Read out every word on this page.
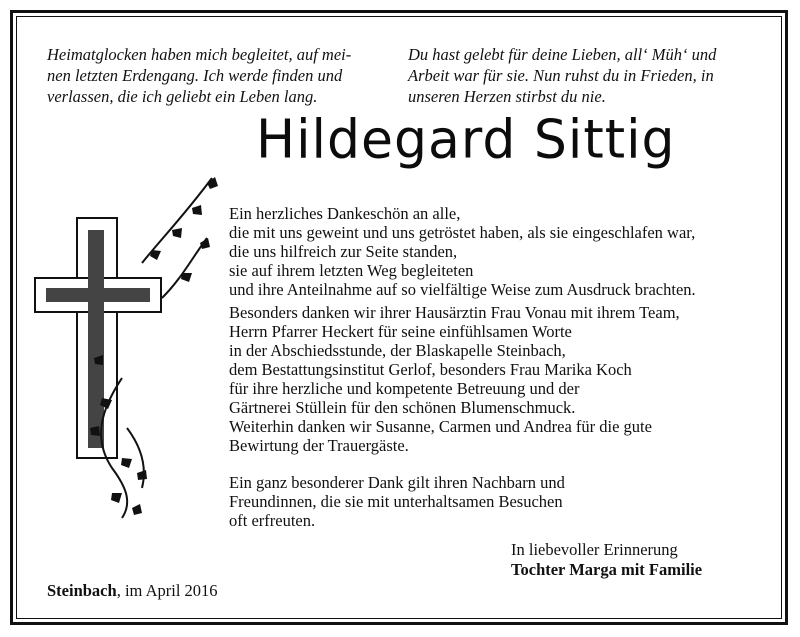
Heimatglocken haben mich begleitet, auf mei-
nen letzten Erdengang. Ich werde finden und
verlassen, die ich geliebt ein Leben lang.
Du hast gelebt für deine Lieben, all‘ Müh‘ und
Arbeit war für sie. Nun ruhst du in Frieden, in
unseren Herzen stirbst du nie.
Hildegard Sittig

Ein herzliches Dankeschön an alle,
die mit uns geweint und uns getröstet haben, als sie eingeschlafen war,
die uns hilfreich zur Seite standen,
sie auf ihrem letzten Weg begleiteten
und ihre Anteilnahme auf so vielfältige Weise zum Ausdruck brachten.

Besonders danken wir ihrer Hausärztin Frau Vonau mit ihrem Team,
Herrn Pfarrer Heckert für seine einfühlsamen Worte
in der Abschiedsstunde, der Blaskapelle Steinbach,
dem Bestattungsinstitut Gerlof, besonders Frau Marika Koch
für ihre herzliche und kompetente Betreuung und der
Gärtnerei Stüllein für den schönen Blumenschmuck.
Weiterhin danken wir Susanne, Carmen und Andrea für die gute
Bewirtung der Trauergäste.

Ein ganz besonderer Dank gilt ihren Nachbarn und
Freundinnen, die sie mit unterhaltsamen Besuchen
oft erfreuten.

In liebevoller Erinnerung
Tochter Marga mit Familie
Steinbach, im April 2016
